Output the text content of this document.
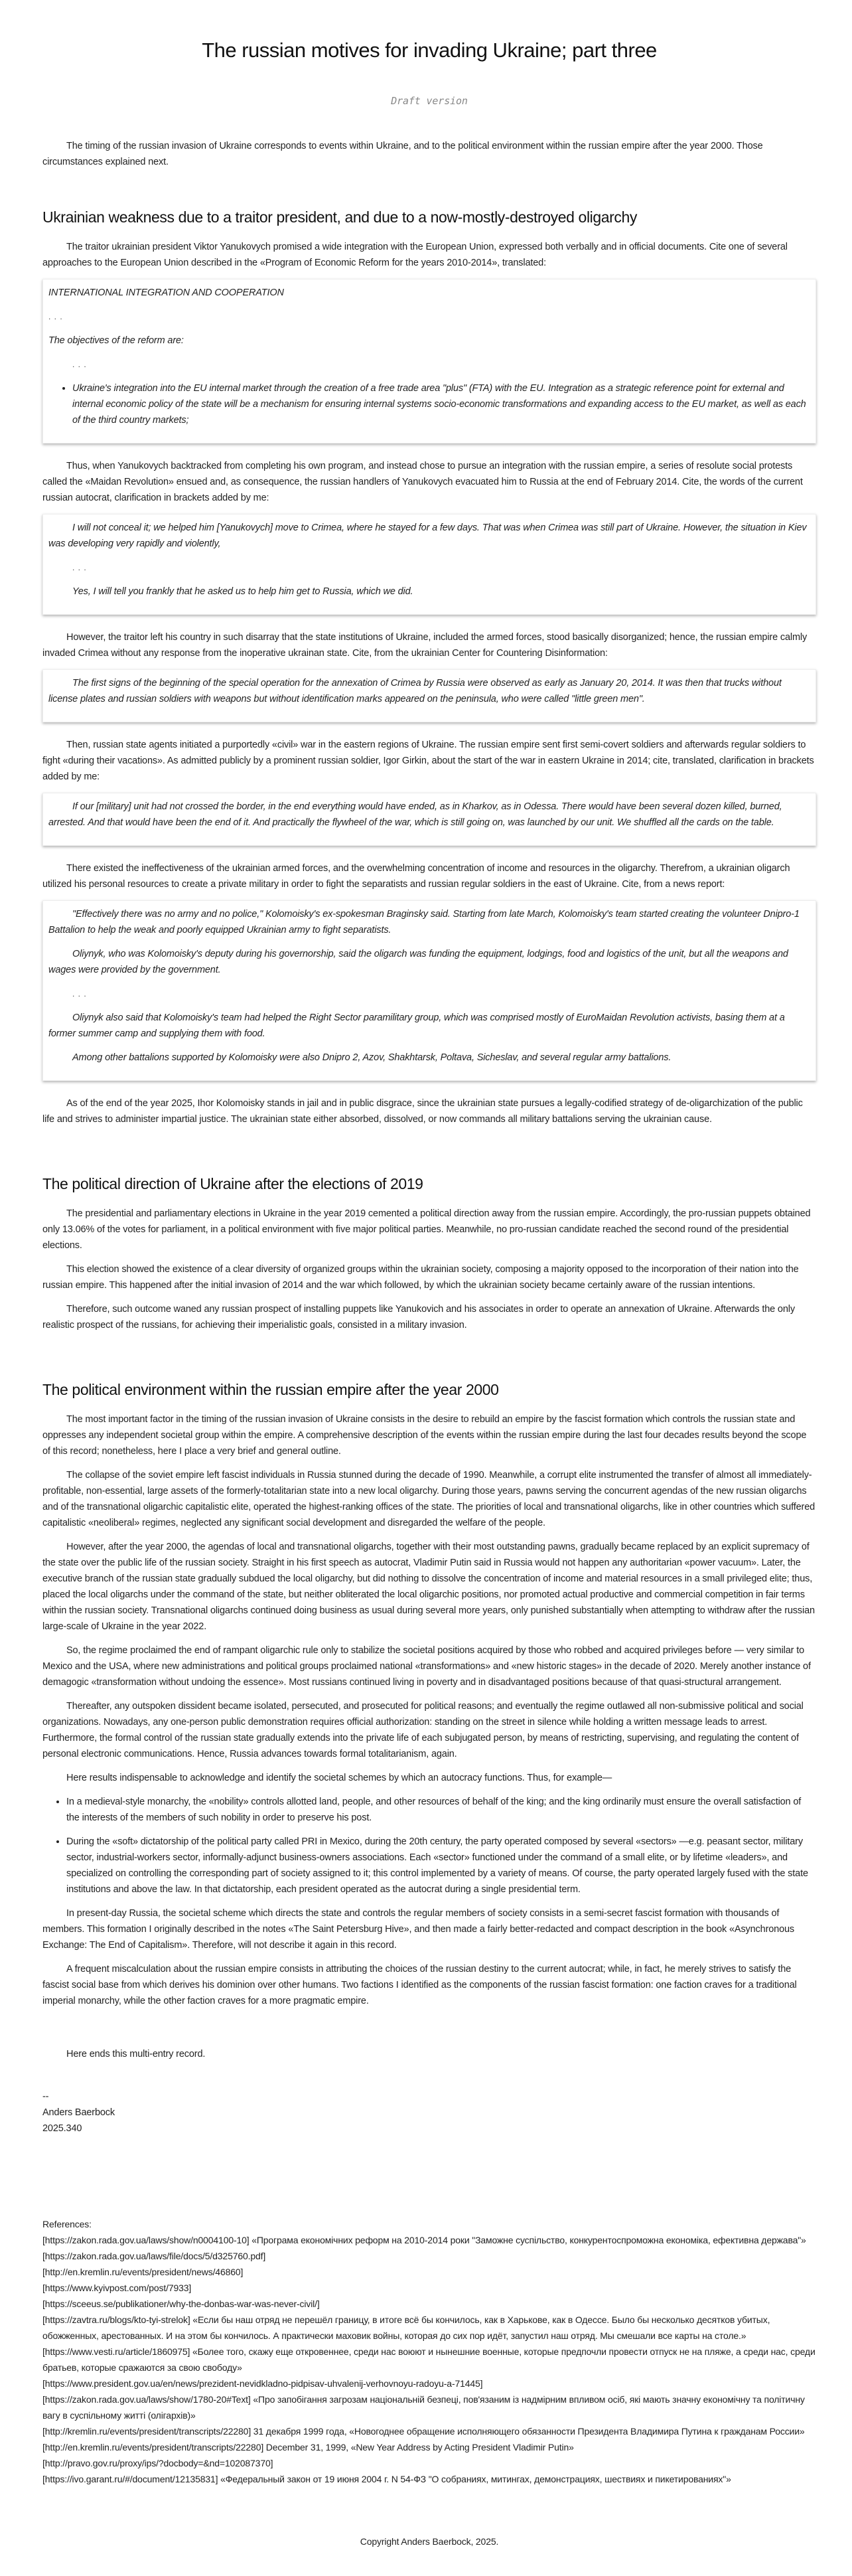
The russian motives for invading Ukraine; part three
Draft version

The timing of the russian invasion of Ukraine corresponds to events within Ukraine, and to the political environment within the russian empire after the year 2000. Those circumstances explained next.

Ukrainian weakness due to a traitor president, and due to a now-mostly-destroyed oligarchy

The traitor ukrainian president Viktor Yanukovych promised a wide integration with the European Union, expressed both verbally and in official documents. Cite one of several approaches to the European Union described in the «Program of Economic Reform for the years 2010-2014», translated:

INTERNATIONAL INTEGRATION AND COOPERATION

. . .

The objectives of the reform are:

. . .

• Ukraine's integration into the EU internal market through the creation of a free trade area "plus" (FTA) with the EU. Integration as a strategic reference point for external and internal economic policy of the state will be a mechanism for ensuring internal systems socio-economic transformations and expanding access to the EU market, as well as each of the third country markets;

Thus, when Yanukovych backtracked from completing his own program, and instead chose to pursue an integration with the russian empire, a series of resolute social protests called the «Maidan Revolution» ensued and, as consequence, the russian handlers of Yanukovych evacuated him to Russia at the end of February 2014. Cite, the words of the current russian autocrat, clarification in brackets added by me:

I will not conceal it; we helped him [Yanukovych] move to Crimea, where he stayed for a few days. That was when Crimea was still part of Ukraine. However, the situation in Kiev was developing very rapidly and violently,

. . .

Yes, I will tell you frankly that he asked us to help him get to Russia, which we did.

However, the traitor left his country in such disarray that the state institutions of Ukraine, included the armed forces, stood basically disorganized; hence, the russian empire calmly invaded Crimea without any response from the inoperative ukrainan state. Cite, from the ukrainian Center for Countering Disinformation:

The first signs of the beginning of the special operation for the annexation of Crimea by Russia were observed as early as January 20, 2014. It was then that trucks without license plates and russian soldiers with weapons but without identification marks appeared on the peninsula, who were called "little green men".

Then, russian state agents initiated a purportedly «civil» war in the eastern regions of Ukraine. The russian empire sent first semi-covert soldiers and afterwards regular soldiers to fight «during their vacations». As admitted publicly by a prominent russian soldier, Igor Girkin, about the start of the war in eastern Ukraine in 2014; cite, translated, clarification in brackets added by me:

If our [military] unit had not crossed the border, in the end everything would have ended, as in Kharkov, as in Odessa. There would have been several dozen killed, burned, arrested. And that would have been the end of it. And practically the flywheel of the war, which is still going on, was launched by our unit. We shuffled all the cards on the table.

There existed the ineffectiveness of the ukrainian armed forces, and the overwhelming concentration of income and resources in the oligarchy. Therefrom, a ukrainian oligarch utilized his personal resources to create a private military in order to fight the separatists and russian regular soldiers in the east of Ukraine. Cite, from a news report:

"Effectively there was no army and no police," Kolomoisky's ex-spokesman Braginsky said. Starting from late March, Kolomoisky's team started creating the volunteer Dnipro-1 Battalion to help the weak and poorly equipped Ukrainian army to fight separatists.

Oliynyk, who was Kolomoisky's deputy during his governorship, said the oligarch was funding the equipment, lodgings, food and logistics of the unit, but all the weapons and wages were provided by the government.

. . .

Oliynyk also said that Kolomoisky's team had helped the Right Sector paramilitary group, which was comprised mostly of EuroMaidan Revolution activists, basing them at a former summer camp and supplying them with food.

Among other battalions supported by Kolomoisky were also Dnipro 2, Azov, Shakhtarsk, Poltava, Sicheslav, and several regular army battalions.

As of the end of the year 2025, Ihor Kolomoisky stands in jail and in public disgrace, since the ukrainian state pursues a legally-codified strategy of de-oligarchization of the public life and strives to administer impartial justice. The ukrainian state either absorbed, dissolved, or now commands all military battalions serving the ukrainian cause.

The political direction of Ukraine after the elections of 2019

The presidential and parliamentary elections in Ukraine in the year 2019 cemented a political direction away from the russian empire. Accordingly, the pro-russian puppets obtained only 13.06% of the votes for parliament, in a political environment with five major political parties. Meanwhile, no pro-russian candidate reached the second round of the presidential elections.

This election showed the existence of a clear diversity of organized groups within the ukrainian society, composing a majority opposed to the incorporation of their nation into the russian empire. This happened after the initial invasion of 2014 and the war which followed, by which the ukrainian society became certainly aware of the russian intentions.

Therefore, such outcome waned any russian prospect of installing puppets like Yanukovich and his associates in order to operate an annexation of Ukraine. Afterwards the only realistic prospect of the russians, for achieving their imperialistic goals, consisted in a military invasion.

The political environment within the russian empire after the year 2000

The most important factor in the timing of the russian invasion of Ukraine consists in the desire to rebuild an empire by the fascist formation which controls the russian state and oppresses any independent societal group within the empire. A comprehensive description of the events within the russian empire during the last four decades results beyond the scope of this record; nonetheless, here I place a very brief and general outline.

The collapse of the soviet empire left fascist individuals in Russia stunned during the decade of 1990. Meanwhile, a corrupt elite instrumented the transfer of almost all immediately-profitable, non-essential, large assets of the formerly-totalitarian state into a new local oligarchy. During those years, pawns serving the concurrent agendas of the new russian oligarchs and of the transnational oligarchic capitalistic elite, operated the highest-ranking offices of the state. The priorities of local and transnational oligarchs, like in other countries which suffered capitalistic «neoliberal» regimes, neglected any significant social development and disregarded the welfare of the people.

However, after the year 2000, the agendas of local and transnational oligarchs, together with their most outstanding pawns, gradually became replaced by an explicit supremacy of the state over the public life of the russian society. Straight in his first speech as autocrat, Vladimir Putin said in Russia would not happen any authoritarian «power vacuum». Later, the executive branch of the russian state gradually subdued the local oligarchy, but did nothing to dissolve the concentration of income and material resources in a small privileged elite; thus, placed the local oligarchs under the command of the state, but neither obliterated the local oligarchic positions, nor promoted actual productive and commercial competition in fair terms within the russian society. Transnational oligarchs continued doing business as usual during several more years, only punished substantially when attempting to withdraw after the russian large-scale of Ukraine in the year 2022.

So, the regime proclaimed the end of rampant oligarchic rule only to stabilize the societal positions acquired by those who robbed and acquired privileges before — very similar to Mexico and the USA, where new administrations and political groups proclaimed national «transformations» and «new historic stages» in the decade of 2020. Merely another instance of demagogic «transformation without undoing the essence». Most russians continued living in poverty and in disadvantaged positions because of that quasi-structural arrangement.

Thereafter, any outspoken dissident became isolated, persecuted, and prosecuted for political reasons; and eventually the regime outlawed all non-submissive political and social organizations. Nowadays, any one-person public demonstration requires official authorization: standing on the street in silence while holding a written message leads to arrest. Furthermore, the formal control of the russian state gradually extends into the private life of each subjugated person, by means of restricting, supervising, and regulating the content of personal electronic communications. Hence, Russia advances towards formal totalitarianism, again.

Here results indispensable to acknowledge and identify the societal schemes by which an autocracy functions. Thus, for example—

• In a medieval-style monarchy, the «nobility» controls allotted land, people, and other resources of behalf of the king; and the king ordinarily must ensure the overall satisfaction of the interests of the members of such nobility in order to preserve his post.
• During the «soft» dictatorship of the political party called PRI in Mexico, during the 20th century, the party operated composed by several «sectors» —e.g. peasant sector, military sector, industrial-workers sector, informally-adjunct business-owners associations. Each «sector» functioned under the command of a small elite, or by lifetime «leaders», and specialized on controlling the corresponding part of society assigned to it; this control implemented by a variety of means. Of course, the party operated largely fused with the state institutions and above the law. In that dictatorship, each president operated as the autocrat during a single presidential term.

In present-day Russia, the societal scheme which directs the state and controls the regular members of society consists in a semi-secret fascist formation with thousands of members. This formation I originally described in the notes «The Saint Petersburg Hive», and then made a fairly better-redacted and compact description in the book «Asynchronous Exchange: The End of Capitalism». Therefore, will not describe it again in this record.

A frequent miscalculation about the russian empire consists in attributing the choices of the russian destiny to the current autocrat; while, in fact, he merely strives to satisfy the fascist social base from which derives his dominion over other humans. Two factions I identified as the components of the russian fascist formation: one faction craves for a traditional imperial monarchy, while the other faction craves for a more pragmatic empire.

Here ends this multi-entry record.

--
Anders Baerbock
2025.340
References:
[https://zakon.rada.gov.ua/laws/show/n0004100-10] «Програма економічних реформ на 2010-2014 роки "Заможне суспільство, конкурентоспроможна економіка, ефективна держава"»
[https://zakon.rada.gov.ua/laws/file/docs/5/d325760.pdf]
[http://en.kremlin.ru/events/president/news/46860]
[https://www.kyivpost.com/post/7933]
[https://sceeus.se/publikationer/why-the-donbas-war-was-never-civil/]
[https://zavtra.ru/blogs/kto-tyi-strelok] «Если бы наш отряд не перешёл границу, в итоге всё бы кончилось, как в Харькове, как в Одессе. Было бы несколько десятков убитых, обожженных, арестованных. И на этом бы кончилось. А практически маховик войны, которая до сих пор идёт, запустил наш отряд. Мы смешали все карты на столе.»
[https://www.vesti.ru/article/1860975] «Более того, скажу еще откровеннее, среди нас воюют и нынешние военные, которые предпочли провести отпуск не на пляже, а среди нас, среди братьев, которые сражаются за свою свободу»
[https://www.president.gov.ua/en/news/prezident-nevidkladno-pidpisav-uhvalenij-verhovnoyu-radoyu-a-71445]
[https://zakon.rada.gov.ua/laws/show/1780-20#Text] «Про запобігання загрозам національній безпеці, пов'язаним із надмірним впливом осіб, які мають значну економічну та політичну вагу в суспільному житті (олігархів)»
[http://kremlin.ru/events/president/transcripts/22280] 31 декабря 1999 года, «Новогоднее обращение исполняющего обязанности Президента Владимира Путина к гражданам России»
[http://en.kremlin.ru/events/president/transcripts/22280] December 31, 1999, «New Year Address by Acting President Vladimir Putin»
[http://pravo.gov.ru/proxy/ips/?docbody=&nd=102087370]
[https://ivo.garant.ru/#/document/12135831] «Федеральный закон от 19 июня 2004 г. N 54-ФЗ "О собраниях, митингах, демонстрациях, шествиях и пикетированиях"»
Copyright Anders Baerbock, 2025.
